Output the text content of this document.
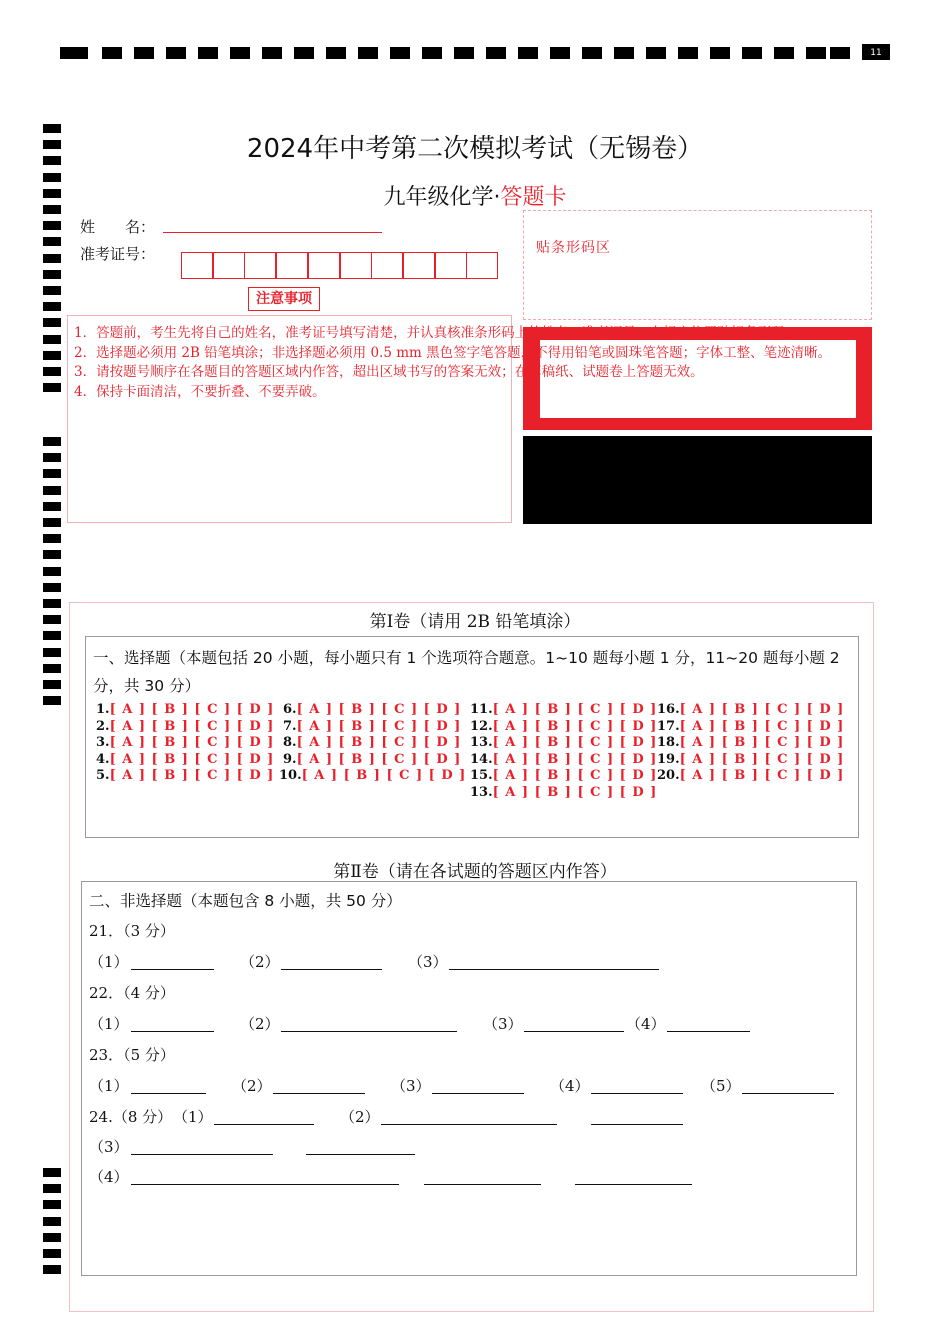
11
2024年中考第二次模拟考试（无锡卷）
九年级化学·答题卡
姓　　名：
准考证号：	贴条形码区
注意事项
1．答题前，考生先将自己的姓名，准考证号填写清楚，并认真核准条形码上的姓名、准考证号，在规定位置贴好条形码。
2．选择题必须用 2B 铅笔填涂；非选择题必须用 0.5 mm 黑色签字笔答题，不得用铅笔或圆珠笔答题；字体工整、笔迹清晰。
3．请按题号顺序在各题目的答题区域内作答，超出区域书写的答案无效；在草稿纸、试题卷上答题无效。
4．保持卡面清洁，不要折叠、不要弄破。
第Ⅰ卷（请用 2B 铅笔填涂）
一、选择题（本题包括 20 小题，每小题只有 1 个选项符合题意。1~10 题每小题 1 分，11~20 题每小题 2
分，共 30 分）
1.[ A ] [ B ] [ C ] [ D ]
2.[ A ] [ B ] [ C ] [ D ]
3.[ A ] [ B ] [ C ] [ D ]
4.[ A ] [ B ] [ C ] [ D ]
5.[ A ] [ B ] [ C ] [ D ]
6.[ A ] [ B ] [ C ] [ D ]
7.[ A ] [ B ] [ C ] [ D ]
8.[ A ] [ B ] [ C ] [ D ]
9.[ A ] [ B ] [ C ] [ D ]
10.[ A ] [ B ] [ C ] [ D ]
11.[ A ] [ B ] [ C ] [ D ]
12.[ A ] [ B ] [ C ] [ D ]
13.[ A ] [ B ] [ C ] [ D ]
14.[ A ] [ B ] [ C ] [ D ]
15.[ A ] [ B ] [ C ] [ D ]
13.[ A ] [ B ] [ C ] [ D ]
16.[ A ] [ B ] [ C ] [ D ]
17.[ A ] [ B ] [ C ] [ D ]
18.[ A ] [ B ] [ C ] [ D ]
19.[ A ] [ B ] [ C ] [ D ]
20.[ A ] [ B ] [ C ] [ D ]
第Ⅱ卷（请在各试题的答题区内作答）
二、非选择题（本题包含 8 小题，共 50 分）
21．（3 分）
（1）	（2）	（3）
22．（4 分）
（1）	（2）	（3）	（4）
23．（5 分）
（1）	（2）	（3）	（4）	（5）
24.（8 分） （1）	（2）
（3）
（4）
